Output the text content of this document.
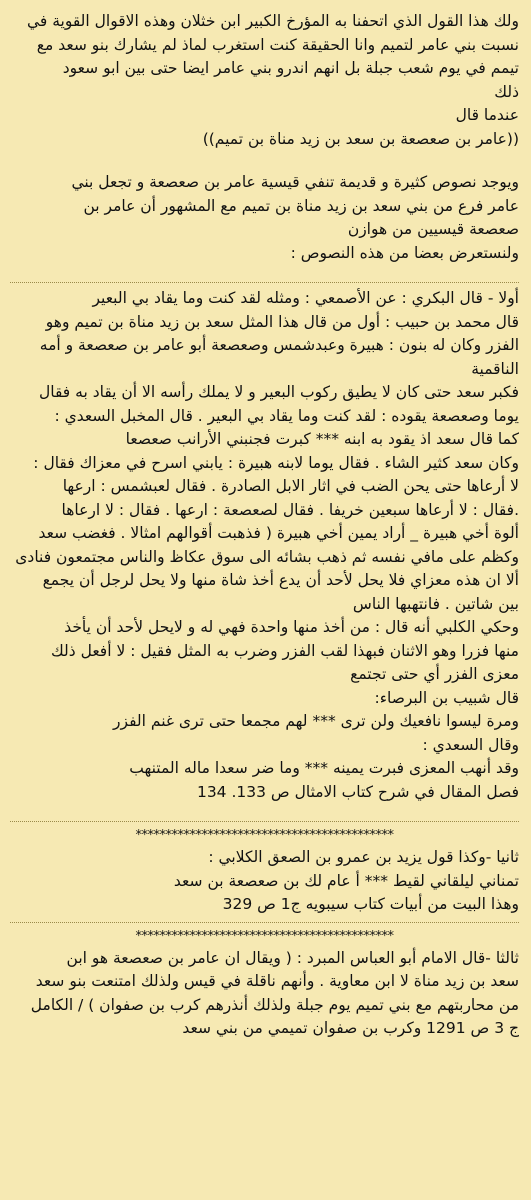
ولك هذا القول الذي اتحفنا به المؤرخ الكبير ابن خثلان وهذه الاقوال القوية في
نسبت بني عامر لتميم وانا الحقيقة كنت استغرب لماذ لم يشارك بنو سعد مع
تيمم في يوم شعب جبلة بل انهم اندرو بني عامر ايضا حتى بين ابو سعود
ذلك
عندما قال
((عامر بن صعصعة بن سعد بن زيد مناة بن تميم))
ويوجد نصوص كثيرة و قديمة تنفي قيسية عامر بن صعصعة و تجعل بني
عامر فرع من بني سعد بن زيد مناة بن تميم مع المشهور أن عامر بن
صعصعة قيسيين من هوازن
ولنستعرض بعضا من هذه النصوص :
أولا - قال البكري : عن الأصمعي : ومثله لقد كنت وما يقاد بي البعير
قال محمد بن حبيب : أول من قال هذا المثل سعد بن زيد مناة بن تميم وهو
الفزر وكان له بنون : هبيرة وعبدشمس وصعصعة أبو عامر بن صعصعة و أمه
الناقمية
فكبر سعد حتى كان لا يطيق ركوب البعير و لا يملك رأسه الا أن يقاد به فقال
يوما وصعصعة يقوده : لقد كنت وما يقاد بي البعير . قال المخبل السعدي :
كما قال سعد اذ يقود به ابنه *** كبرت فجنبني الأرانب صعصعا
وكان سعد كثير الشاء . فقال يوما لابنه هبيرة : يابني اسرح في معزاك فقال :
لا أرعاها حتى يحن الضب في اثار الابل الصادرة . فقال لعبشمس : ارعها
.فقال : لا أرعاها سبعين خريفا . فقال لصعصعة : ارعها . فقال : لا ارعاها
ألوة أخي هبيرة _ أراد يمين أخي هبيرة ( فذهبت أقوالهم امثالا . فغضب سعد
وكظم على مافي نفسه ثم ذهب بشائه الى سوق عكاظ والناس مجتمعون فنادى
ألا ان هذه معزاي فلا يحل لأحد أن يدع أخذ شاة منها ولا يحل لرجل أن يجمع
بين شاتين . فانتهبها الناس
وحكي الكلبي أنه قال : من أخذ منها واحدة فهي له و لايحل لأحد أن يأخذ
منها فزرا وهو الاثنان فبهذا لقب الفزر وضرب به المثل فقيل : لا أفعل ذلك
معزى الفزر أي حتى تجتمع
قال شبيب بن البرصاء:
ومرة ليسوا نافعيك ولن ترى *** لهم مجمعا حتى ترى غنم الفزر
وقال السعدي :
وقد أنهب المعزى فبرت يمينه *** وما ضر سعدا ماله المتنهب
فصل المقال في شرح كتاب الامثال ص 133. 134
*******************************************
ثانيا -وكذا قول يزيد بن عمرو بن الصعق الكلابي :
تمناني ليلقاني لقيط *** أ عام لك بن صعصعة بن سعد
وهذا البيت من أبيات كتاب سيبويه ج1 ص 329
*******************************************
ثالثا -قال الامام أبو العباس المبرد : ( ويقال ان عامر بن صعصعة هو ابن
سعد بن زيد مناة لا ابن معاوية . وأنهم ناقلة في قيس ولذلك امتنعت بنو سعد
من محاربتهم مع بني تميم يوم جبلة ولذلك أنذرهم كرب بن صفوان ) / الكامل
ج 3 ص 1291 وكرب بن صفوان تميمي من بني سعد
